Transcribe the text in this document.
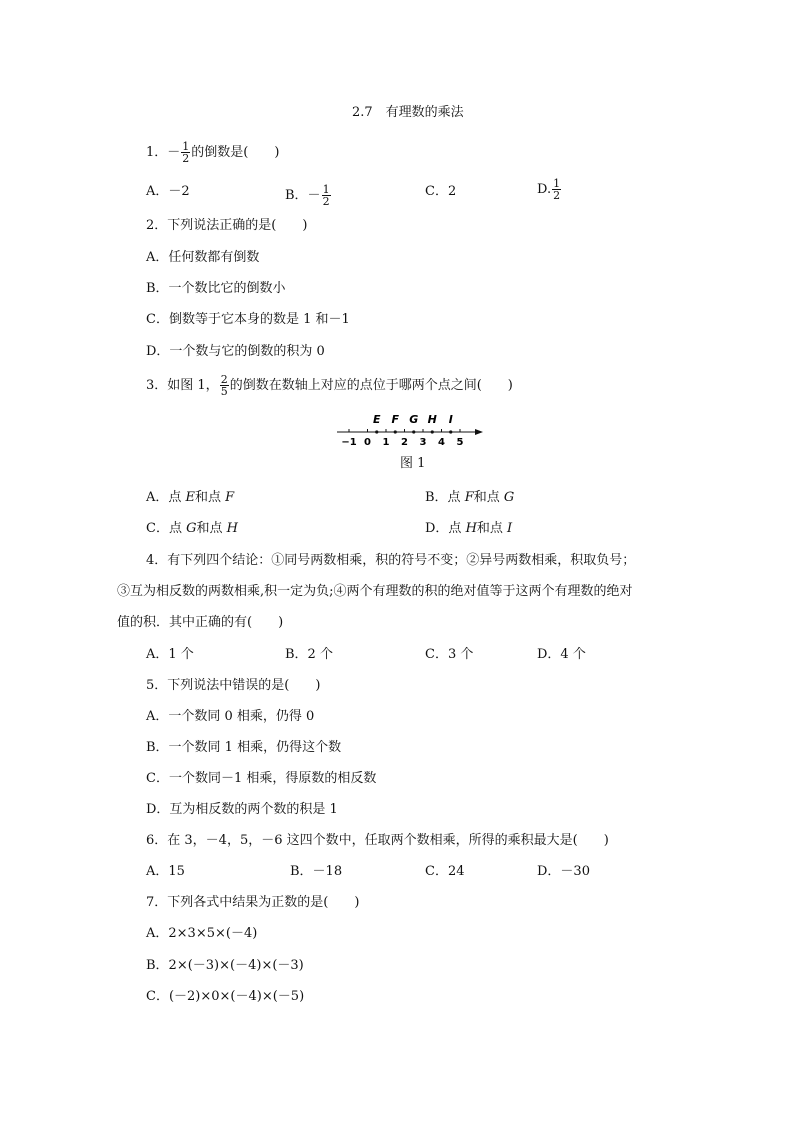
2.7　有理数的乘法
1．－ $\frac{1}{2}$ 的倒数是(　　)
A．－2	B．－ $\frac{1}{2}$	C．2	D. $\frac{1}{2}$
2．下列说法正确的是(　　)
A．任何数都有倒数
B．一个数比它的倒数小
C．倒数等于它本身的数是 1 和－1
D．一个数与它的倒数的积为 0
3．如图 1， $\frac{2}{5}$ 的倒数在数轴上对应的点位于哪两个点之间(　　)
−1 0 1 2 3 4 5
E F G H I
图 1
A．点 E和点 F	B．点 F和点 G
C．点 G和点 H	D．点 H和点 I
4．有下列四个结论：①同号两数相乘，积的符号不变；②异号两数相乘，积取负号；
③互为相反数的两数相乘,积一定为负;④两个有理数的积的绝对值等于这两个有理数的绝对
值的积．其中正确的有(　　)
A．1 个	B．2 个	C．3 个	D．4 个
5．下列说法中错误的是(　　)
A．一个数同 0 相乘，仍得 0
B．一个数同 1 相乘，仍得这个数
C．一个数同－1 相乘，得原数的相反数
D．互为相反数的两个数的积是 1
6．在 3，－4，5，－6 这四个数中，任取两个数相乘，所得的乘积最大是(　　)
A．15	B．－18	C．24	D．－30
7．下列各式中结果为正数的是(　　)
A．2×3×5×(－4)
B．2×(－3)×(－4)×(－3)
C．(－2)×0×(－4)×(－5)
